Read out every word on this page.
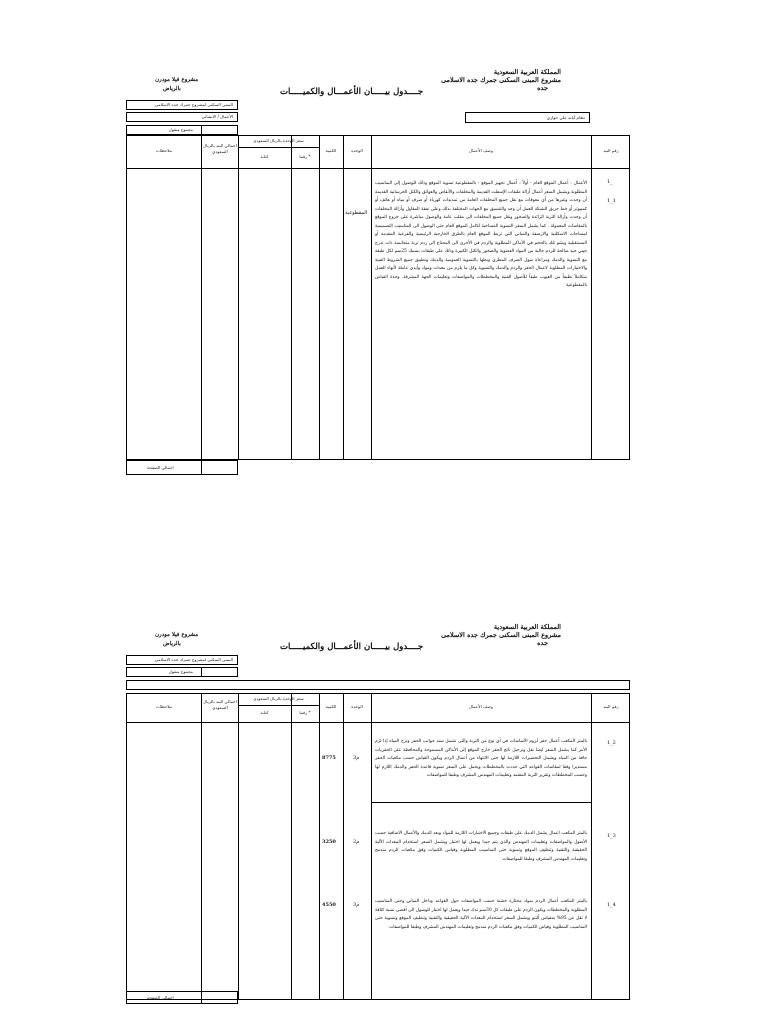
المملكة العربية السعودية
مشروع المبنى السكنى جمرك جده الاسلامى
جده
مشروع فيلا مودرن
بالرياض	جــــدول بيـــــان الأعمـــال والكميـــــات
المبنى السكنى لمشروع جمرك جده الاسلامى
الأعمال / الانشائى
مجموع منقول
نظام آيانه علي حوازي
ملاحظات
اجمالي البند بالريال السعودي
سعر الوحدة بالريال السعودى
كتابة	* رقما
الكمية	الوحدة	وصف الأعمال	رقم البند
1_
1_1
المقطوعية
الأعمال : أعمال الموقع العام - أولاً : أعمال تجهيز الموقع - بالمقطوعية تسوية الموقع وذلك للوصول إلى المناسيب المطلوبة ويشمل السعر أعمال أزالة طبقات الإسفلت القديمة والمخلفات والأنقاض والعوائق والكتل الخرسانية القديمة أن وجدت وغيرها من أي معوقات مع نقل جميع المخلفات العامة من تمديدات كهرباء أو صرف أو مياه أو هاتف أو كمبيوتر أو خط حريق الشبكة للعمل أن وجد والتنسيق مع الجهات المختلفة بذلك وعلى نفقة المقاول وأزالة المخلفات أن وجدت وأزالة التربة الزائدة والصخور ونقل جميع المخلفات الى مقلب عامة والوصول مباشرة على خروج الموقع بالمقاسات المعمولة . كما يشمل السعر التسوية المساحية لكامل الموقع العام حتى الوصول الى المناسيب التصميمية لمساحات الاسكلتية والارصفة والمباني التي تربط الموقع العام بالطرق الخارجية الرئيسية والفرعية المقدمة أو المستقبلية وبشو تلك بالحجم في الأماكن المطلوبة والردم في الأخرى الى المحتاج الى ردم تربة متجانسة ذات تدرج جيبي جيد صالحة للردم خالية من المواد العضوية والصخور والكتل الكبيرة وذلك على طبقات بسمك 25سم لكل طبقة مع التسوية والدمك ومراعاة ميول الصرف المطري وبطها بالتسوية العمومية والدمك وتطبيق جميع الشروط الفنية والاختبارات المطلوبة لاعمال الحفر والردم والدمك والتسوية وكل ما يلزم من معدات ومواد وأيدي عاملة لأنهاء العمل متكاملاً نظيفاً من العيوب طبقاً للأصول الفنية والمخططات والمواصفات وتعليمات الجهة المشرفة. وحدة القياس بالمقطوعية
اجمالي الصفحة
المملكة العربية السعودية
مشروع المبنى السكنى جمرك جده الاسلامى
جده
مشروع فيلا مودرن
بالرياض	جــــدول بيـــــان الأعمـــال والكميـــــات
المبنى السكنى لمشروع جمرك جده الاسلامى
مجموع منقول
ملاحظات
اجمالي البند بالريال السعودي
سعر الوحدة بالريال السعودى
كتابة	* رقما
الكمية	الوحدة	وصف الأعمال	رقم البند
1_2
8775	3م
بالمتر المكعب أعمال حفر لزوم الأساسات في أي نوع من التربة والتى تشمل سند جوانب الحفر ونزح المياه إذا لزم الأمر كما يشمل السعر ايضا نقل وترحيل ناتج الحفر خارج الموقع إلى الأماكن المسموحة والمحافظة على الحفريات جافة من المياه ويشمل التحضيرات اللازمة لها حتى الانتهاء من أعمال الردم ويكون القياس حسب مكعبات الحفر مستديرا وفقا لمقاسات القواعد التي حددت بالمخططات ويحمل على السعر تسوية قاعدة الحفر والدمك اللازم لها وحسب المخططات وتقرير التربة المعتمد وتعليمات المهندس المشرف وطبقا للمواصفات
1_3
3250	2م
بالمتر المكعب اعمال يشمل الدمك على طبقات وجميع الاختبارات اللازمة للمواد وبعد الدمك والأعمال الاضافية حسب الأصول والمواصفات وتعليمات المهندس والذي يتم جيدا ويعمل لها اختبار ويشمل السعر استخدام المعدات الآلية الحقيقية والتقنية وتنظيف الموقع وتسوية حتى المناسيب المطلوبة وقياس الكميات وفق مكعبات الردم مندمج وتعليمات المهندس المشرف وطبقا للمواصفات
1_4
4550	3م
بالمتر المكعب أعمال الردم بمواد مختارة خشنة حسب المواصفات حول القواعد وداخل المباني وحتى المناسيب المطلوبة والمخططات ويكون الردم على طبقات كل 30سم تدك جيدا ويعمل لها اختبار للوصول الى أقصى نسبة كثافة لا تقل عن 95% بمقياس ألبتو ويشمل السعر استخدام المعدات الآلية الحقيقية والتقنية وتنظيف الموقع وتسوية حتى المناسيب المطلوبة وقياس الكميات وفق مكعبات الردم مندمج وتعليمات المهندس المشرف وطبقا للمواصفات
اجمالي الصفحة
